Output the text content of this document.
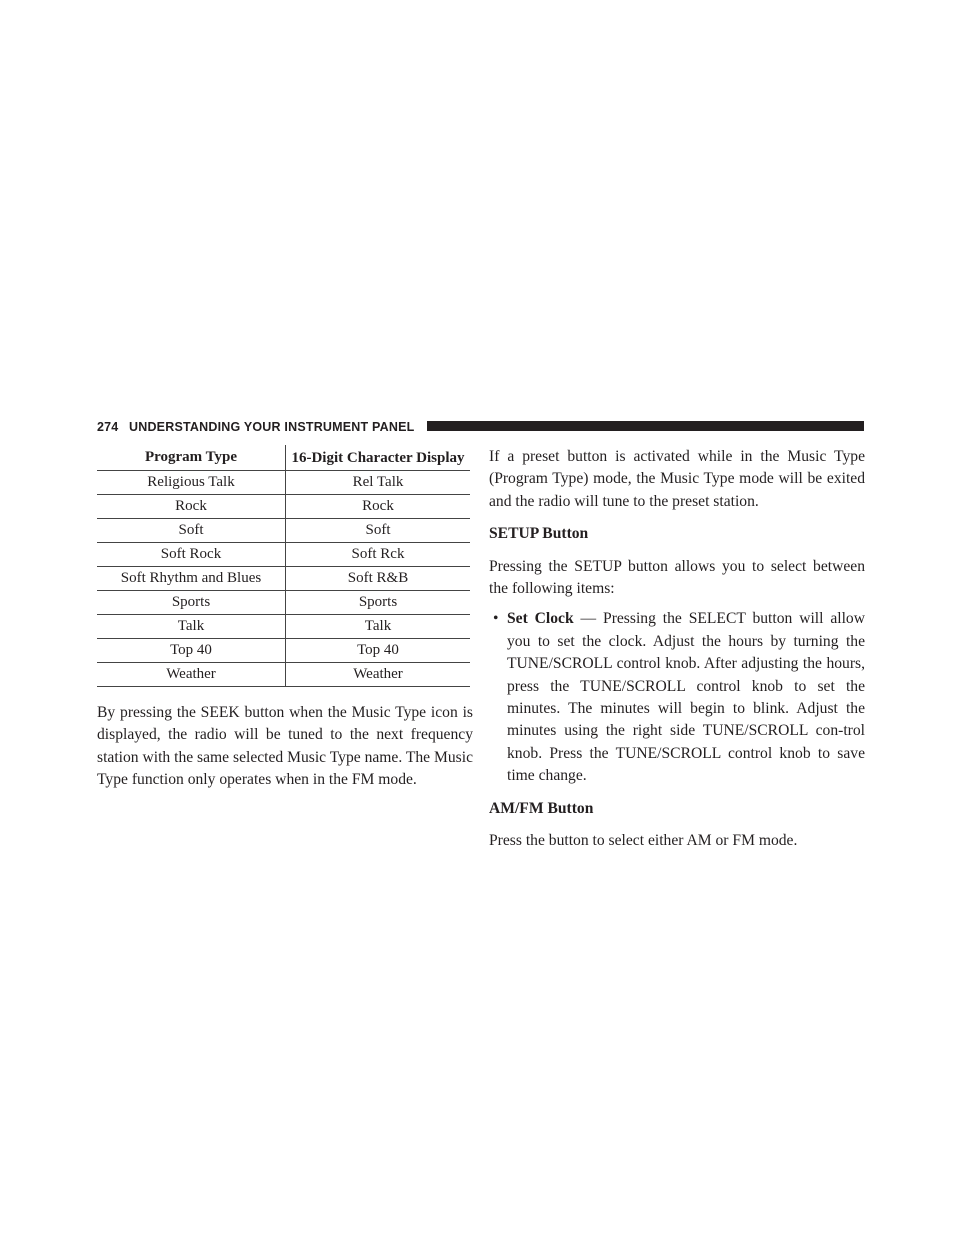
274 UNDERSTANDING YOUR INSTRUMENT PANEL
Program Type	16-Digit Character Display
Religious Talk	Rel Talk
Rock	Rock
Soft	Soft
Soft Rock	Soft Rck
Soft Rhythm and Blues	Soft R&B
Sports	Sports
Talk	Talk
Top 40	Top 40
Weather	Weather

By pressing the SEEK button when the Music Type icon is displayed, the radio will be tuned to the next frequency station with the same selected Music Type name. The Music Type function only operates when in the FM mode.

If a preset button is activated while in the Music Type (Program Type) mode, the Music Type mode will be exited and the radio will tune to the preset station.

SETUP Button

Pressing the SETUP button allows you to select between the following items:

• Set Clock — Pressing the SELECT button will allow you to set the clock. Adjust the hours by turning the TUNE/SCROLL control knob. After adjusting the hours, press the TUNE/SCROLL control knob to set the minutes. The minutes will begin to blink. Adjust the minutes using the right side TUNE/SCROLL con-trol knob. Press the TUNE/SCROLL control knob to save time change.

AM/FM Button

Press the button to select either AM or FM mode.
